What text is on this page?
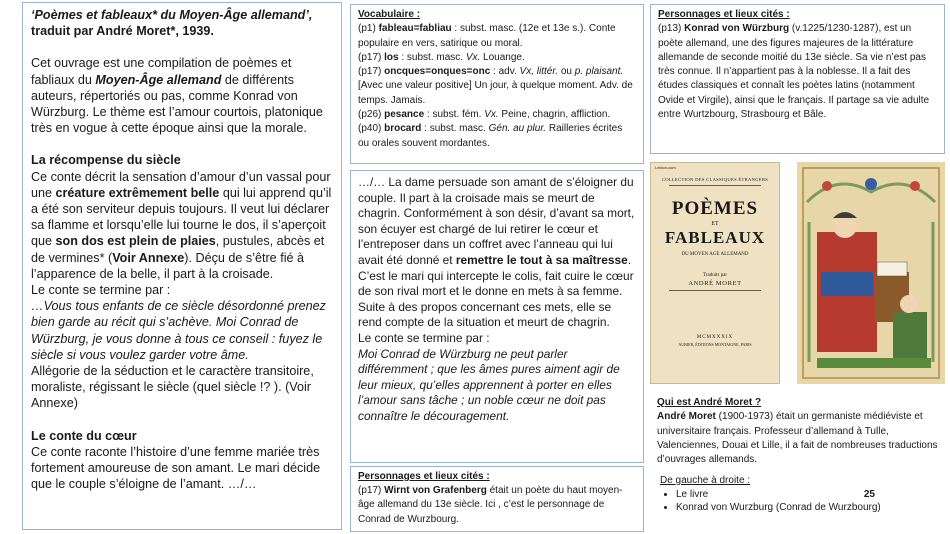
‘Poèmes et fableaux* du Moyen-Âge allemand’,
traduit par André Moret*, 1939.

Cet ouvrage est une compilation de poèmes et fabliaux du Moyen-Âge allemand de différents auteurs, répertoriés ou pas, comme Konrad von Würzburg. Le thème est l’amour courtois, platonique très en vogue à cette époque ainsi que la morale.

La récompense du siècle

Ce conte décrit la sensation d’amour d’un vassal pour une créature extrêmement belle qui lui apprend qu’il a été son serviteur depuis toujours. Il veut lui déclarer sa flamme et lorsqu’elle lui tourne le dos, il s’aperçoit que son dos est plein de plaies, pustules, abcès et de vermines* (Voir Annexe). Déçu de s’être fié à l’apparence de la belle, il part à la croisade.

Le conte se termine par :

…Vous tous enfants de ce siècle désordonné prenez bien garde au récit qui s’achève. Moi Conrad de Würzburg, je vous donne à tous ce conseil : fuyez le siècle si vous voulez garder votre âme.

Allégorie de la séduction et le caractère transitoire, moraliste, régissant le siècle (quel siècle !? ). (Voir Annexe)

Le conte du cœur

Ce conte raconte l’histoire d’une femme mariée très fortement amoureuse de son amant. Le mari décide que le couple s’éloigne de l’amant. …/…

Vocabulaire :
(p1) fableau=fabliau : subst. masc. (12e et 13e s.). Conte populaire en vers, satirique ou moral.
(p17) los : subst. masc. Vx. Louange.
(p17) oncques=onques=onc : adv. Vx, littér. ou p. plaisant. [Avec une valeur positive] Un jour, à quelque moment. Adv. de temps. Jamais.
(p26) pesance : subst. fém. Vx. Peine, chagrin, affliction.
(p40) brocard : subst. masc. Gén. au plur. Railleries écrites ou orales souvent mordantes.
…/… La dame persuade son amant de s’éloigner du couple. Il part à la croisade mais se meurt de chagrin. Conformément à son désir, d’avant sa mort, son écuyer est chargé de lui retirer le cœur et l’entreposer dans un coffret avec l’anneau qui lui avait été donné et remettre le tout à sa maîtresse. C’est le mari qui intercepte le colis, fait cuire le cœur de son rival mort et le donne en mets à sa femme. Suite à des propos concernant ces mets, elle se rend compte de la situation et meurt de chagrin.
Le conte se termine par :
Moi Conrad de Würzburg ne peut parler différemment ; que les âmes pures aiment agir de leur mieux, qu’elles apprennent à porter en elles l’amour sans tâche ; un noble cœur ne doit pas connaître le découragement.
Personnages et lieux cités :
(p17) Wirnt von Grafenberg était un poète du haut moyen-âge allemand du 13e siècle. Ici , c’est le personnage de Conrad de Wurzbourg.
Personnages et lieux cités :
(p13) Konrad von Würzburg (v.1225/1230-1287), est un poète allemand, une des figures majeures de la littérature allemande de seconde moitié du 13e siècle. Sa vie n’est pas très connue. Il n’appartient pas à la noblesse. Il a fait des études classiques et connaît les poètes latins (notamment Ovide et Virgile), ainsi que le français. Il partage sa vie adulte entre Wurtzbourg, Strasbourg et Bâle.
Lekton.com
COLLECTION DES CLASSIQUES ÉTRANGERS
POÈMES
ET
FABLEAUX
DU MOYEN AGE ALLEMAND
Traduits par
ANDRÉ MORET
MCMXXXIX
AUBIER, ÉDITIONS MONTAIGNE, PARIS
Qui est André Moret ?
André Moret (1900-1973) était un germaniste médiéviste et universitaire français. Professeur d’allemand à Tulle, Valenciennes, Douai et Lille, il a fait de nombreuses traductions d’ouvrages allemands.
De gauche à droite :
• Le livre	25
• Konrad von Wurzburg (Conrad de Wurzbourg)
